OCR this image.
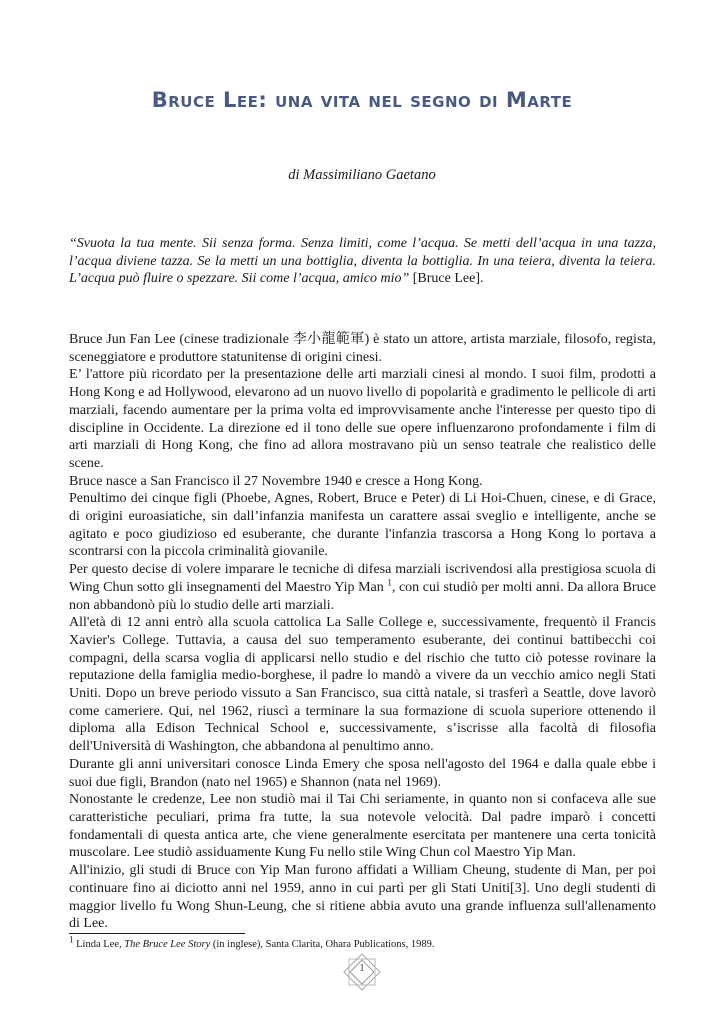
Bruce Lee: una vita nel segno di Marte
di Massimiliano Gaetano
“Svuota la tua mente. Sii senza forma. Senza limiti, come l’acqua. Se metti dell’acqua in una tazza, l’acqua diviene tazza. Se la metti un una bottiglia, diventa la bottiglia. In una teiera, diventa la teiera. L’acqua può fluire o spezzare. Sii come l’acqua, amico mio” [Bruce Lee].

Bruce Jun Fan Lee (cinese tradizionale 李小龍範軍) è stato un attore, artista marziale, filosofo, regista, sceneggiatore e produttore statunitense di origini cinesi.

E’ l'attore più ricordato per la presentazione delle arti marziali cinesi al mondo. I suoi film, prodotti a Hong Kong e ad Hollywood, elevarono ad un nuovo livello di popolarità e gradimento le pellicole di arti marziali, facendo aumentare per la prima volta ed improvvisamente anche l'interesse per questo tipo di discipline in Occidente. La direzione ed il tono delle sue opere influenzarono profondamente i film di arti marziali di Hong Kong, che fino ad allora mostravano più un senso teatrale che realistico delle scene.

Bruce nasce a San Francisco il 27 Novembre 1940 e cresce a Hong Kong.

Penultimo dei cinque figli (Phoebe, Agnes, Robert, Bruce e Peter) di Li Hoi-Chuen, cinese, e di Grace, di origini euroasiatiche, sin dall’infanzia manifesta un carattere assai sveglio e intelligente, anche se agitato e poco giudizioso ed esuberante, che durante l'infanzia trascorsa a Hong Kong lo portava a scontrarsi con la piccola criminalità giovanile.

Per questo decise di volere imparare le tecniche di difesa marziali iscrivendosi alla prestigiosa scuola di Wing Chun sotto gli insegnamenti del Maestro Yip Man $^1$, con cui studiò per molti anni. Da allora Bruce non abbandonò più lo studio delle arti marziali.

All'età di 12 anni entrò alla scuola cattolica La Salle College e, successivamente, frequentò il Francis Xavier's College. Tuttavia, a causa del suo temperamento esuberante, dei continui battibecchi coi compagni, della scarsa voglia di applicarsi nello studio e del rischio che tutto ciò potesse rovinare la reputazione della famiglia medio-borghese, il padre lo mandò a vivere da un vecchio amico negli Stati Uniti. Dopo un breve periodo vissuto a San Francisco, sua città natale, si trasferì a Seattle, dove lavorò come cameriere. Qui, nel 1962, riuscì a terminare la sua formazione di scuola superiore ottenendo il diploma alla Edison Technical School e, successivamente, s’iscrisse alla facoltà di filosofia dell'Università di Washington, che abbandona al penultimo anno.

Durante gli anni universitari conosce Linda Emery che sposa nell'agosto del 1964 e dalla quale ebbe i suoi due figli, Brandon (nato nel 1965) e Shannon (nata nel 1969).

Nonostante le credenze, Lee non studiò mai il Tai Chi seriamente, in quanto non si confaceva alle sue caratteristiche peculiari, prima fra tutte, la sua notevole velocità. Dal padre imparò i concetti fondamentali di questa antica arte, che viene generalmente esercitata per mantenere una certa tonicità muscolare. Lee studiò assiduamente Kung Fu nello stile Wing Chun col Maestro Yip Man.

All'inizio, gli studi di Bruce con Yip Man furono affidati a William Cheung, studente di Man, per poi continuare fino ai diciotto anni nel 1959, anno in cui partì per gli Stati Uniti[3]. Uno degli studenti di maggior livello fu Wong Shun-Leung, che si ritiene abbia avuto una grande influenza sull'allenamento di Lee.

$^1$ Linda Lee, The Bruce Lee Story (in inglese), Santa Clarita, Ohara Publications, 1989.
1
